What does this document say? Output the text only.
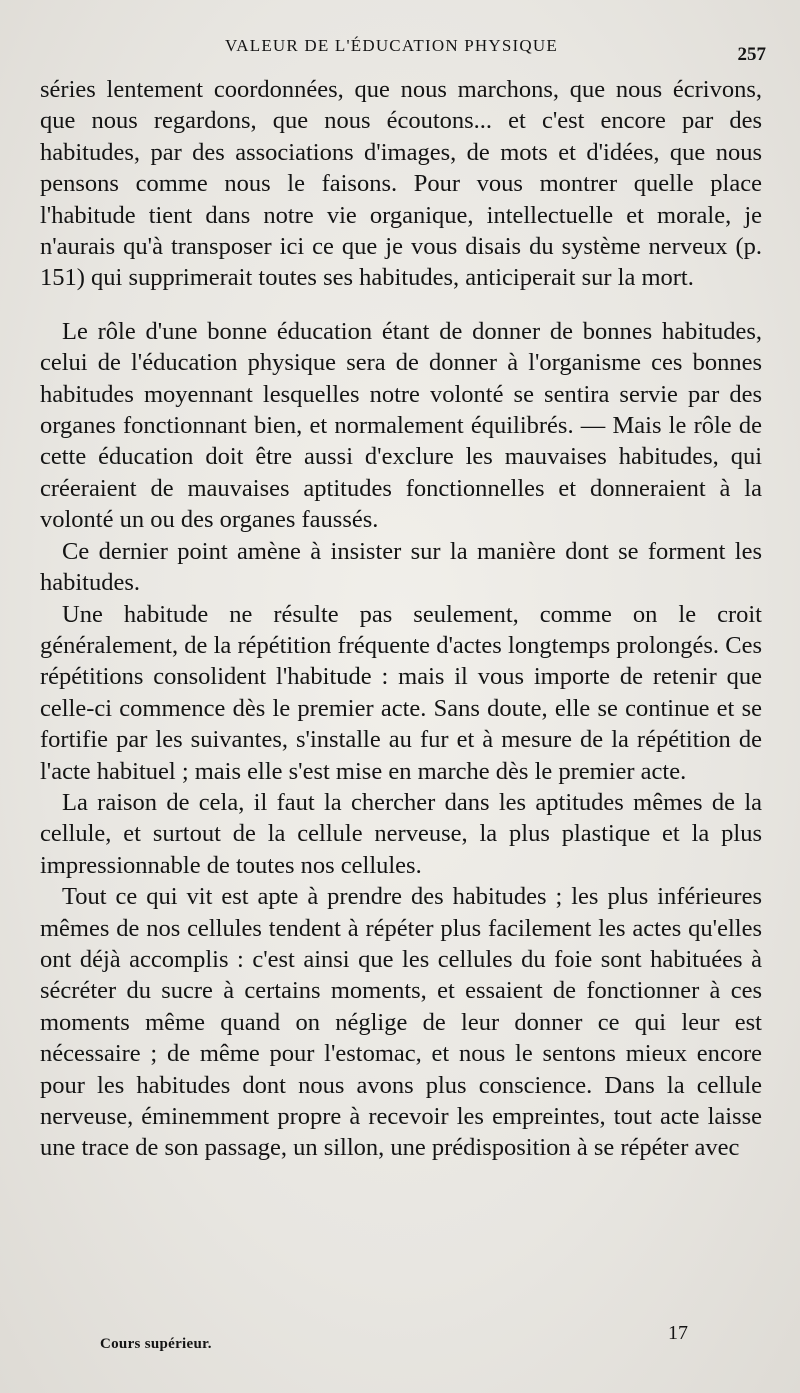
VALEUR DE L'ÉDUCATION PHYSIQUE	257

séries lentement coordonnées, que nous marchons, que nous écrivons, que nous regardons, que nous écoutons... et c'est encore par des habitudes, par des associations d'images, de mots et d'idées, que nous pensons comme nous le faisons. Pour vous montrer quelle place l'habitude tient dans notre vie organique, intellectuelle et morale, je n'aurais qu'à transposer ici ce que je vous disais du système nerveux (p. 151) qui supprimerait toutes ses habitudes, anticiperait sur la mort.

Le rôle d'une bonne éducation étant de donner de bonnes habitudes, celui de l'éducation physique sera de donner à l'organisme ces bonnes habitudes moyennant lesquelles notre volonté se sentira servie par des organes fonctionnant bien, et normalement équilibrés. — Mais le rôle de cette éducation doit être aussi d'exclure les mauvaises habitudes, qui créeraient de mauvaises aptitudes fonctionnelles et donneraient à la volonté un ou des organes faussés.

Ce dernier point amène à insister sur la manière dont se forment les habitudes.

Une habitude ne résulte pas seulement, comme on le croit généralement, de la répétition fréquente d'actes longtemps prolongés. Ces répétitions consolident l'habitude : mais il vous importe de retenir que celle-ci commence dès le premier acte. Sans doute, elle se continue et se fortifie par les suivantes, s'installe au fur et à mesure de la répétition de l'acte habituel ; mais elle s'est mise en marche dès le premier acte.

La raison de cela, il faut la chercher dans les aptitudes mêmes de la cellule, et surtout de la cellule nerveuse, la plus plastique et la plus impressionnable de toutes nos cellules.

Tout ce qui vit est apte à prendre des habitudes ; les plus inférieures mêmes de nos cellules tendent à répéter plus facilement les actes qu'elles ont déjà accomplis : c'est ainsi que les cellules du foie sont habituées à sécréter du sucre à certains moments, et essaient de fonctionner à ces moments même quand on néglige de leur donner ce qui leur est nécessaire ; de même pour l'estomac, et nous le sentons mieux encore pour les habitudes dont nous avons plus conscience. Dans la cellule nerveuse, éminemment propre à recevoir les empreintes, tout acte laisse une trace de son passage, un sillon, une prédisposition à se répéter avec

Cours supérieur.	17
